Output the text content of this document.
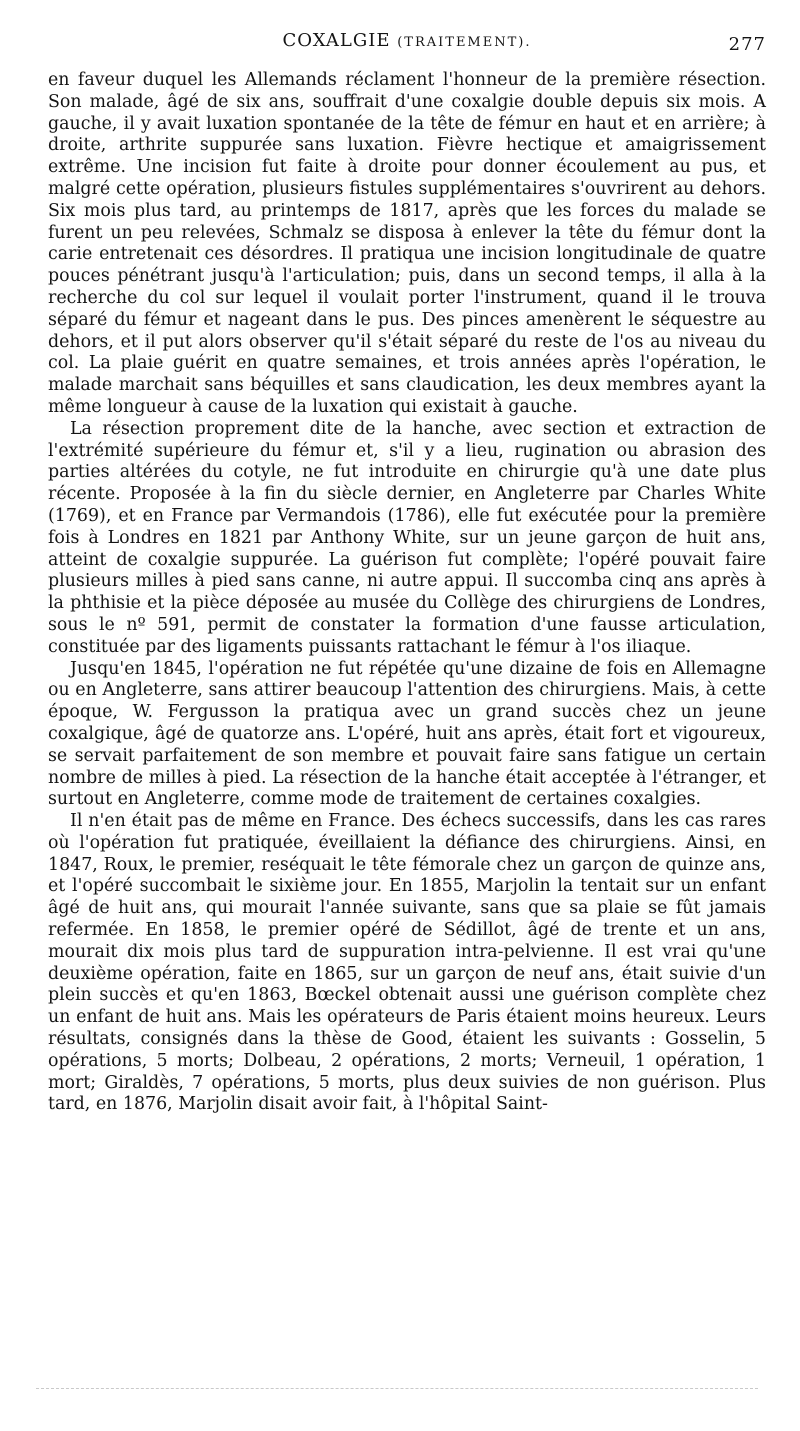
COXALGIE (TRAITEMENT).	277

en faveur duquel les Allemands réclament l'honneur de la première résection. Son malade, âgé de six ans, souffrait d'une coxalgie double depuis six mois. A gauche, il y avait luxation spontanée de la tête de fémur en haut et en arrière; à droite, arthrite suppurée sans luxation. Fièvre hectique et amaigrissement extrême. Une incision fut faite à droite pour donner écoulement au pus, et malgré cette opération, plusieurs fistules supplémentaires s'ouvrirent au dehors. Six mois plus tard, au printemps de 1817, après que les forces du malade se furent un peu relevées, Schmalz se disposa à enlever la tête du fémur dont la carie entretenait ces désordres. Il pratiqua une incision longitudinale de quatre pouces pénétrant jusqu'à l'articulation; puis, dans un second temps, il alla à la recherche du col sur lequel il voulait porter l'instrument, quand il le trouva séparé du fémur et nageant dans le pus. Des pinces amenèrent le séquestre au dehors, et il put alors observer qu'il s'était séparé du reste de l'os au niveau du col. La plaie guérit en quatre semaines, et trois années après l'opération, le malade marchait sans béquilles et sans claudication, les deux membres ayant la même longueur à cause de la luxation qui existait à gauche.

La résection proprement dite de la hanche, avec section et extraction de l'extrémité supérieure du fémur et, s'il y a lieu, rugination ou abrasion des parties altérées du cotyle, ne fut introduite en chirurgie qu'à une date plus récente. Proposée à la fin du siècle dernier, en Angleterre par Charles White (1769), et en France par Vermandois (1786), elle fut exécutée pour la première fois à Londres en 1821 par Anthony White, sur un jeune garçon de huit ans, atteint de coxalgie suppurée. La guérison fut complète; l'opéré pouvait faire plusieurs milles à pied sans canne, ni autre appui. Il succomba cinq ans après à la phthisie et la pièce déposée au musée du Collège des chirurgiens de Londres, sous le nº 591, permit de constater la formation d'une fausse articulation, constituée par des ligaments puissants rattachant le fémur à l'os iliaque.

Jusqu'en 1845, l'opération ne fut répétée qu'une dizaine de fois en Allemagne ou en Angleterre, sans attirer beaucoup l'attention des chirurgiens. Mais, à cette époque, W. Fergusson la pratiqua avec un grand succès chez un jeune coxalgique, âgé de quatorze ans. L'opéré, huit ans après, était fort et vigoureux, se servait parfaitement de son membre et pouvait faire sans fatigue un certain nombre de milles à pied. La résection de la hanche était acceptée à l'étranger, et surtout en Angleterre, comme mode de traitement de certaines coxalgies.

Il n'en était pas de même en France. Des échecs successifs, dans les cas rares où l'opération fut pratiquée, éveillaient la défiance des chirurgiens. Ainsi, en 1847, Roux, le premier, reséquait le tête fémorale chez un garçon de quinze ans, et l'opéré succombait le sixième jour. En 1855, Marjolin la tentait sur un enfant âgé de huit ans, qui mourait l'année suivante, sans que sa plaie se fût jamais refermée. En 1858, le premier opéré de Sédillot, âgé de trente et un ans, mourait dix mois plus tard de suppuration intra-pelvienne. Il est vrai qu'une deuxième opération, faite en 1865, sur un garçon de neuf ans, était suivie d'un plein succès et qu'en 1863, Bœckel obtenait aussi une guérison complète chez un enfant de huit ans. Mais les opérateurs de Paris étaient moins heureux. Leurs résultats, consignés dans la thèse de Good, étaient les suivants : Gosselin, 5 opérations, 5 morts; Dolbeau, 2 opérations, 2 morts; Verneuil, 1 opération, 1 mort; Giraldès, 7 opérations, 5 morts, plus deux suivies de non guérison. Plus tard, en 1876, Marjolin disait avoir fait, à l'hôpital Saint-
